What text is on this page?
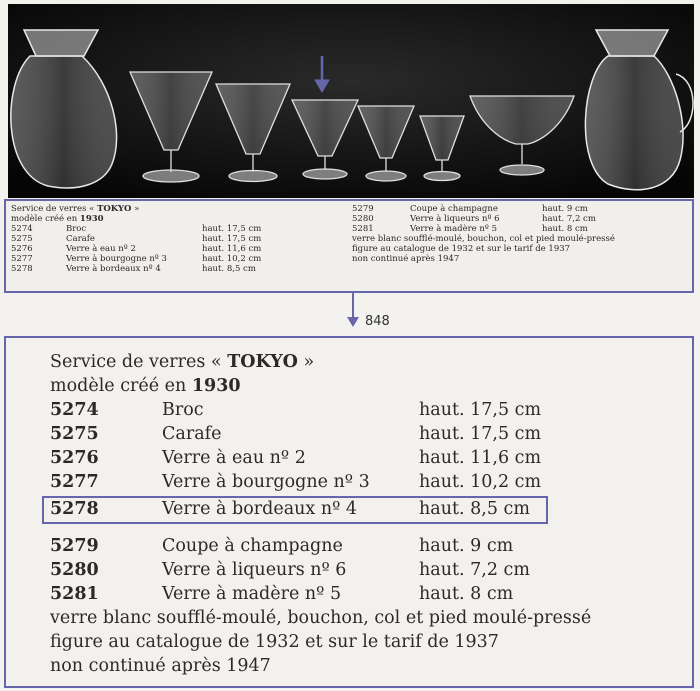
Service de verres « TOKYO »
modèle créé en 1930
5274	Broc	haut. 17,5 cm
5275	Carafe	haut. 17,5 cm
5276	Verre à eau nº 2	haut. 11,6 cm
5277	Verre à bourgogne nº 3	haut. 10,2 cm
5278	Verre à bordeaux nº 4	haut. 8,5 cm
5279	Coupe à champagne	haut. 9 cm
5280	Verre à liqueurs nº 6	haut. 7,2 cm
5281	Verre à madère nº 5	haut. 8 cm
verre blanc soufflé-moulé, bouchon, col et pied moulé-pressé
figure au catalogue de 1932 et sur le tarif de 1937
non continué après 1947
848
Service de verres « TOKYO »
modèle créé en 1930
5274	Broc	haut. 17,5 cm
5275	Carafe	haut. 17,5 cm
5276	Verre à eau nº 2	haut. 11,6 cm
5277	Verre à bourgogne nº 3	haut. 10,2 cm
5278	Verre à bordeaux nº 4	haut. 8,5 cm
5279	Coupe à champagne	haut. 9 cm
5280	Verre à liqueurs nº 6	haut. 7,2 cm
5281	Verre à madère nº 5	haut. 8 cm
verre blanc soufflé-moulé, bouchon, col et pied moulé-pressé
figure au catalogue de 1932 et sur le tarif de 1937
non continué après 1947
